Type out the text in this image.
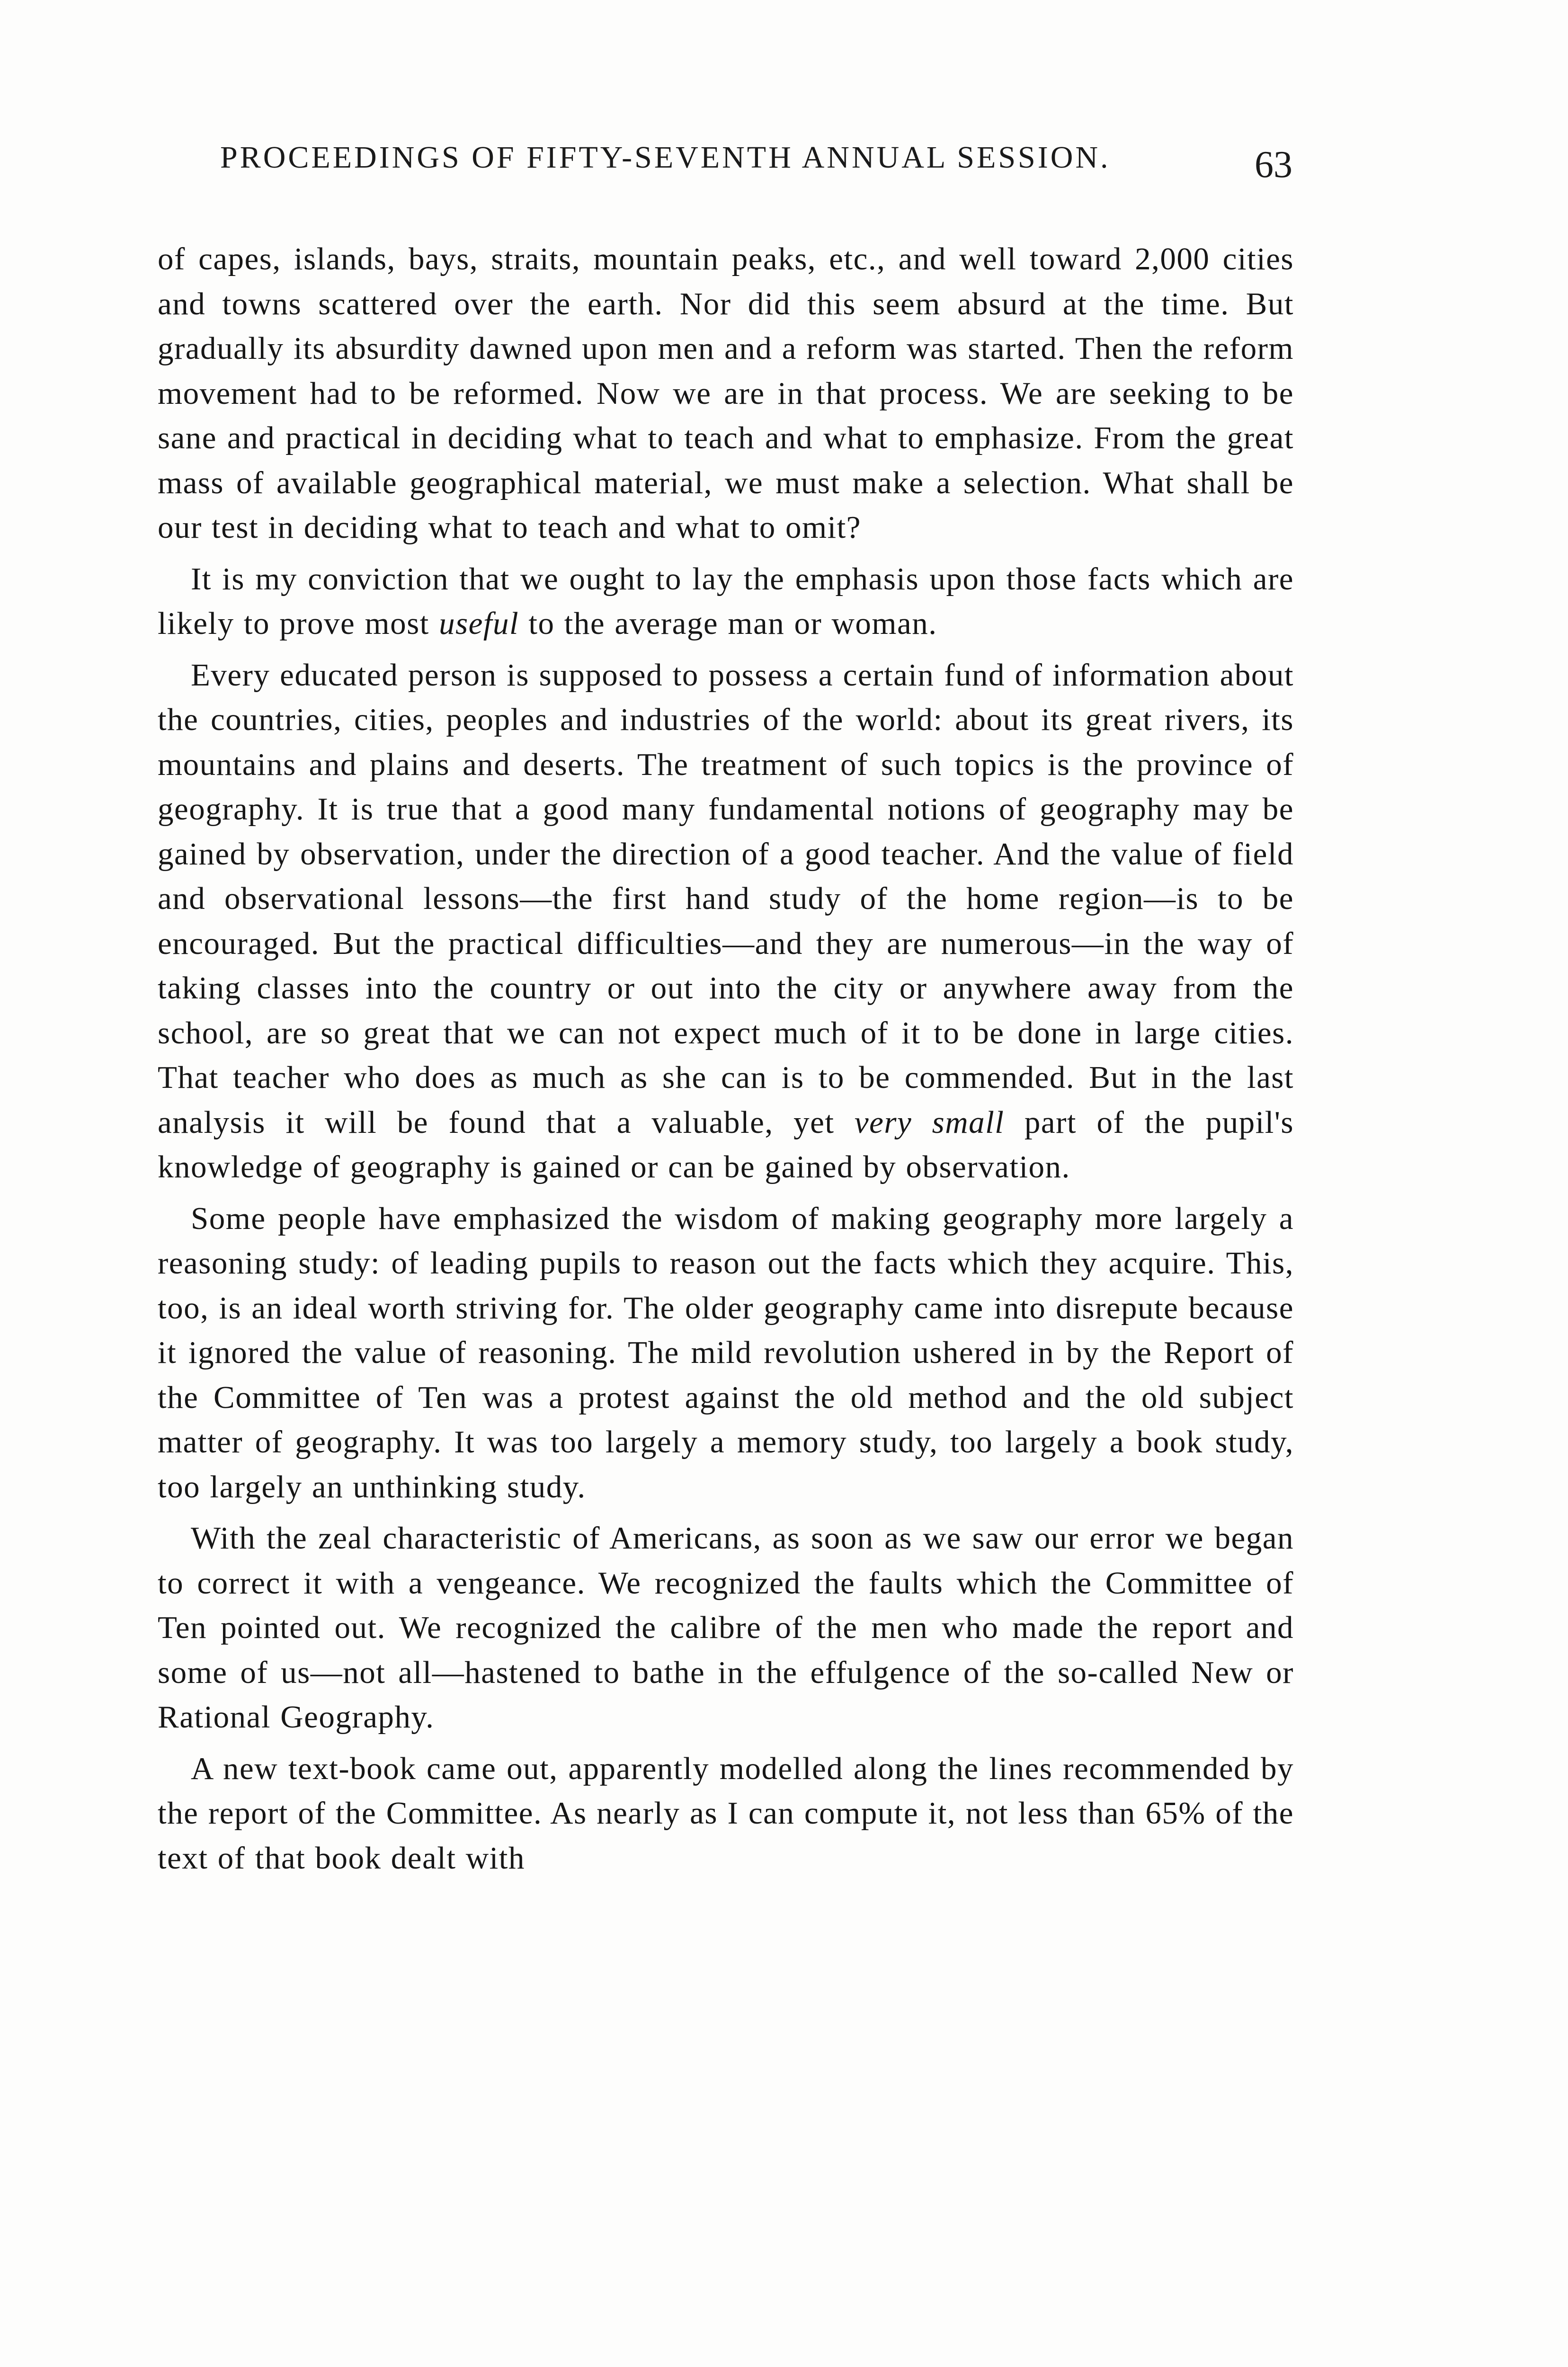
PROCEEDINGS OF FIFTY-SEVENTH ANNUAL SESSION.	63

of capes, islands, bays, straits, mountain peaks, etc., and well toward 2,000 cities and towns scattered over the earth. Nor did this seem absurd at the time. But gradually its absurdity dawned upon men and a reform was started. Then the reform movement had to be reformed. Now we are in that process. We are seeking to be sane and practical in deciding what to teach and what to emphasize. From the great mass of available geographical material, we must make a selection. What shall be our test in deciding what to teach and what to omit?

It is my conviction that we ought to lay the emphasis upon those facts which are likely to prove most useful to the average man or woman.

Every educated person is supposed to possess a certain fund of information about the countries, cities, peoples and industries of the world: about its great rivers, its mountains and plains and deserts. The treatment of such topics is the province of geography. It is true that a good many fundamental notions of geography may be gained by observation, under the direction of a good teacher. And the value of field and observational lessons—the first hand study of the home region—is to be encouraged. But the practical difficulties—and they are numerous—in the way of taking classes into the country or out into the city or anywhere away from the school, are so great that we can not expect much of it to be done in large cities. That teacher who does as much as she can is to be commended. But in the last analysis it will be found that a valuable, yet very small part of the pupil's knowledge of geography is gained or can be gained by observation.

Some people have emphasized the wisdom of making geography more largely a reasoning study: of leading pupils to reason out the facts which they acquire. This, too, is an ideal worth striving for. The older geography came into disrepute because it ignored the value of reasoning. The mild revolution ushered in by the Report of the Committee of Ten was a protest against the old method and the old subject matter of geography. It was too largely a memory study, too largely a book study, too largely an unthinking study.

With the zeal characteristic of Americans, as soon as we saw our error we began to correct it with a vengeance. We recognized the faults which the Committee of Ten pointed out. We recognized the calibre of the men who made the report and some of us—not all—hastened to bathe in the effulgence of the so-called New or Rational Geography.

A new text-book came out, apparently modelled along the lines recommended by the report of the Committee. As nearly as I can compute it, not less than 65% of the text of that book dealt with
